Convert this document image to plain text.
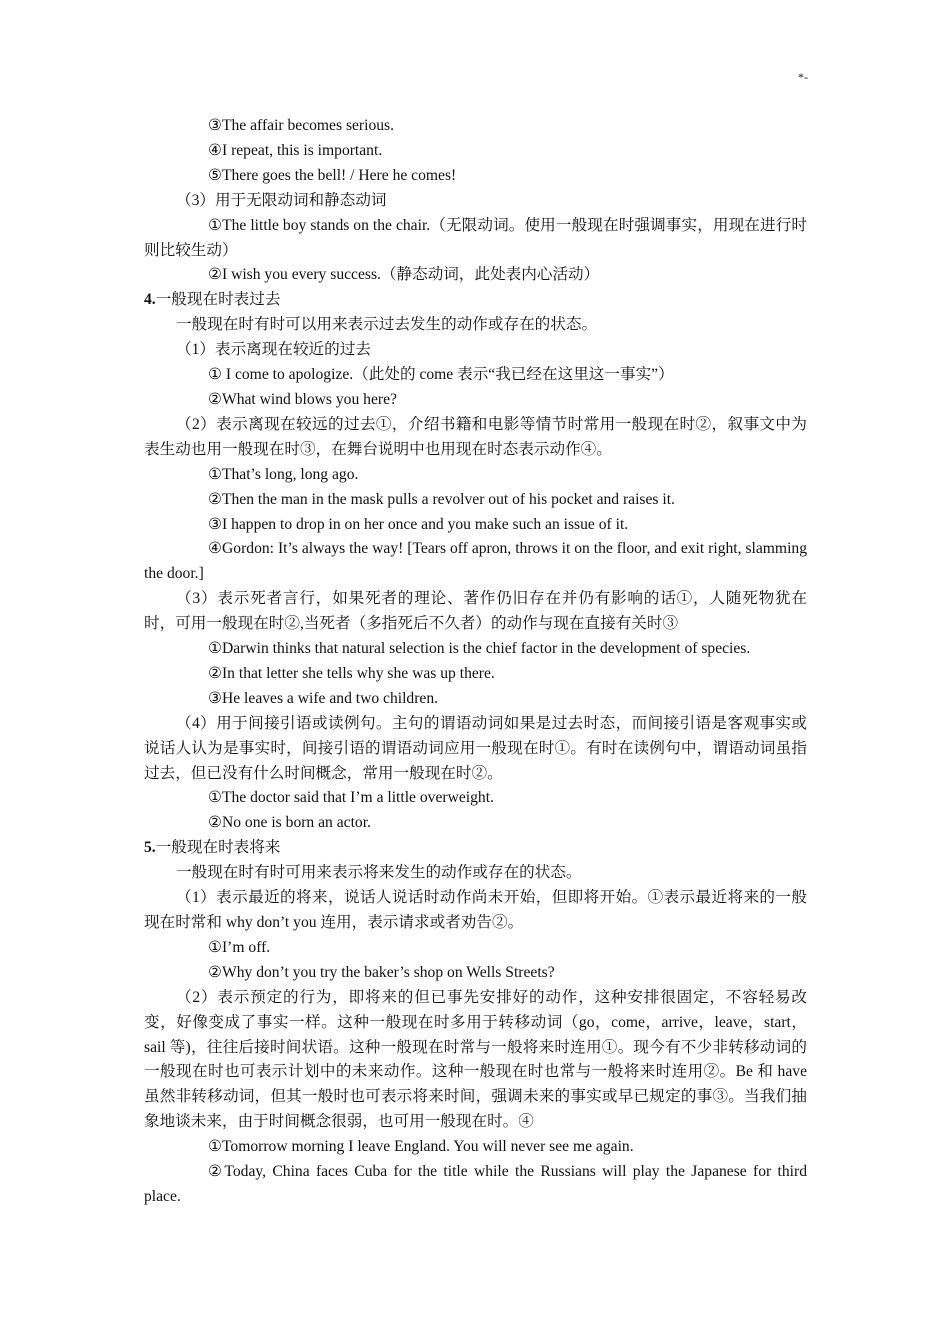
*-

③The affair becomes serious.

④I repeat, this is important.

⑤There goes the bell! / Here he comes!

（3）用于无限动词和静态动词

①The little boy stands on the chair.（无限动词。使用一般现在时强调事实，用现在进行时则比较生动）

②I wish you every success.（静态动词，此处表内心活动）

4.一般现在时表过去

一般现在时有时可以用来表示过去发生的动作或存在的状态。

（1）表示离现在较近的过去

① I come to apologize.（此处的 come 表示“我已经在这里这一事实”）

②What wind blows you here?

（2）表示离现在较远的过去①，介绍书籍和电影等情节时常用一般现在时②，叙事文中为表生动也用一般现在时③，在舞台说明中也用现在时态表示动作④。

①That’s long, long ago.

②Then the man in the mask pulls a revolver out of his pocket and raises it.

③I happen to drop in on her once and you make such an issue of it.

④Gordon: It’s always the way! [Tears off apron, throws it on the floor, and exit right, slamming the door.]

（3）表示死者言行，如果死者的理论、著作仍旧存在并仍有影响的话①，人随死物犹在时，可用一般现在时②,当死者（多指死后不久者）的动作与现在直接有关时③

①Darwin thinks that natural selection is the chief factor in the development of species.

②In that letter she tells why she was up there.

③He leaves a wife and two children.

（4）用于间接引语或读例句。主句的谓语动词如果是过去时态，而间接引语是客观事实或说话人认为是事实时，间接引语的谓语动词应用一般现在时①。有时在读例句中，谓语动词虽指过去，但已没有什么时间概念，常用一般现在时②。

①The doctor said that I’m a little overweight.

②No one is born an actor.

5.一般现在时表将来

一般现在时有时可用来表示将来发生的动作或存在的状态。

（1）表示最近的将来，说话人说话时动作尚未开始，但即将开始。①表示最近将来的一般现在时常和 why don’t you 连用，表示请求或者劝告②。

①I’m off.

②Why don’t you try the baker’s shop on Wells Streets?

（2）表示预定的行为，即将来的但已事先安排好的动作，这种安排很固定，不容轻易改变，好像变成了事实一样。这种一般现在时多用于转移动词（go，come，arrive，leave，start，sail 等)，往往后接时间状语。这种一般现在时常与一般将来时连用①。现今有不少非转移动词的一般现在时也可表示计划中的未来动作。这种一般现在时也常与一般将来时连用②。Be 和 have 虽然非转移动词，但其一般时也可表示将来时间，强调未来的事实或早已规定的事③。当我们抽象地谈未来，由于时间概念很弱，也可用一般现在时。④

①Tomorrow morning I leave England. You will never see me again.

②Today, China faces Cuba for the title while the Russians will play the Japanese for third place.
